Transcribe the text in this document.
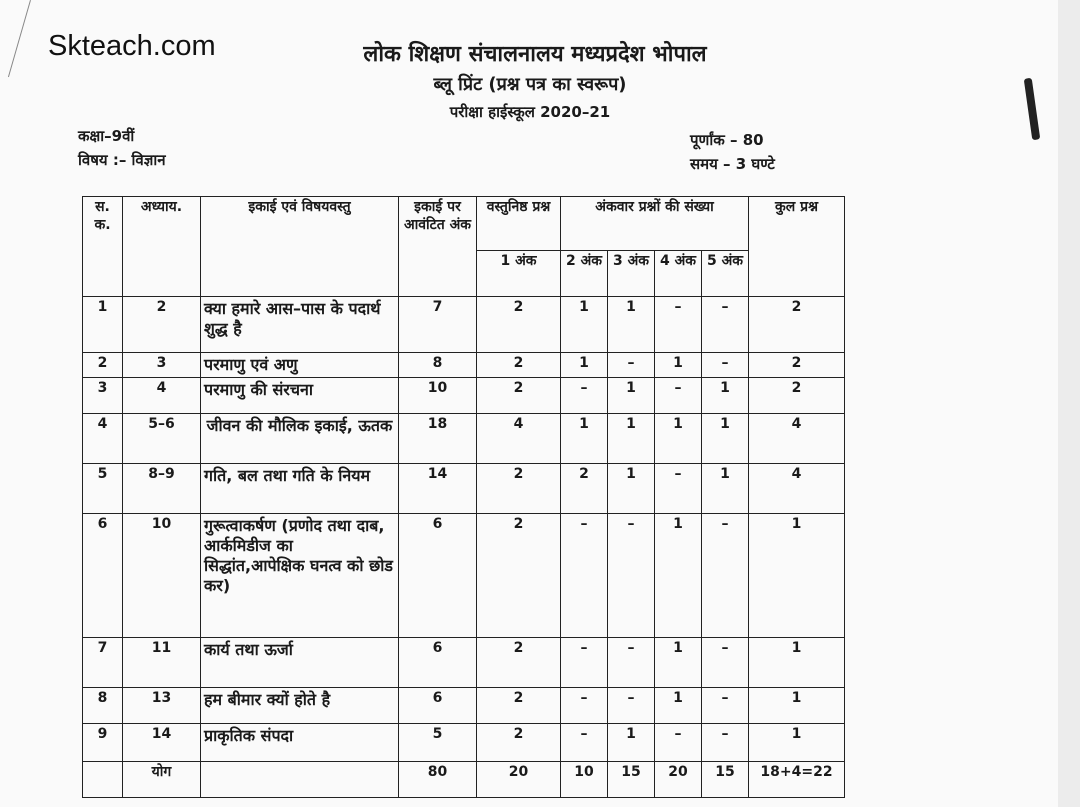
Skteach.com	लोक शिक्षण संचालनालय मध्यप्रदेश भोपाल
ब्लू प्रिंट (प्रश्न पत्र का स्वरूप)
परीक्षा हाईस्कूल 2020–21
कक्षा–9वीं
विषय :– विज्ञान
पूर्णांक – 80
समय – 3 घण्टे
स. क.	अध्याय.	इकाई एवं विषयवस्तु	इकाई पर आवंटित अंक	वस्तुनिष्ठ प्रश्न	अंकवार प्रश्नों की संख्या				कुल प्रश्न
				1 अंक	2 अंक	3 अंक	4 अंक	5 अंक	
1	2	क्या हमारे आस–पास के पदार्थ शुद्ध है	7	2	1	1	–	–	2
2	3	परमाणु एवं अणु	8	2	1	–	1	–	2
3	4	परमाणु की संरचना	10	2	–	1	–	1	2
4	5–6	जीवन की मौलिक इकाई, ऊतक	18	4	1	1	1	1	4
5	8–9	गति, बल तथा गति के नियम	14	2	2	1	–	1	4
6	10	गुरूत्वाकर्षण (प्रणोद तथा दाब, आर्कमिडीज का सिद्धांत,आपेक्षिक घनत्व को छोड कर)	6	2	–	–	1	–	1
7	11	कार्य तथा ऊर्जा	6	2	–	–	1	–	1
8	13	हम बीमार क्यों होते है	6	2	–	–	1	–	1
9	14	प्राकृतिक संपदा	5	2	–	1	–	–	1
	योग		80	20	10	15	20	15	18+4=22
